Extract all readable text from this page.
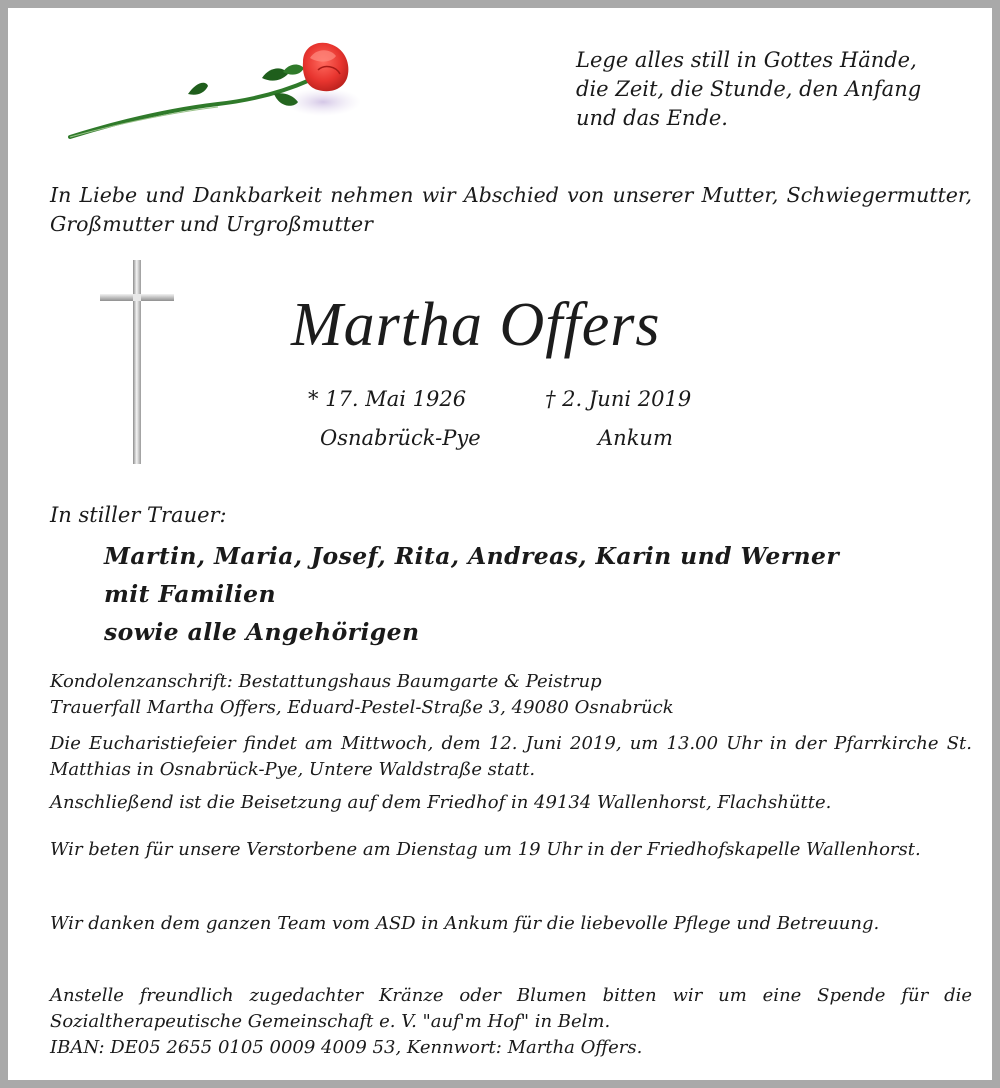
Lege alles still in Gottes Hände,
die Zeit, die Stunde, den Anfang
und das Ende.
In Liebe und Dankbarkeit nehmen wir Abschied von unserer Mutter, Schwiegermutter, Großmutter und Urgroßmutter
Martha Offers
* 17. Mai 1926	† 2. Juni 2019
Osnabrück-Pye	Ankum
In stiller Trauer:
Martin, Maria, Josef, Rita, Andreas, Karin und Werner
mit Familien
sowie alle Angehörigen
Kondolenzanschrift: Bestattungshaus Baumgarte & Peistrup
Trauerfall Martha Offers, Eduard-Pestel-Straße 3, 49080 Osnabrück
Die Eucharistiefeier findet am Mittwoch, dem 12. Juni 2019, um 13.00 Uhr in der Pfarrkirche St. Matthias in Osnabrück-Pye, Untere Waldstraße statt.
Anschließend ist die Beisetzung auf dem Friedhof in 49134 Wallenhorst, Flachshütte.
Wir beten für unsere Verstorbene am Dienstag um 19 Uhr in der Friedhofskapelle Wallenhorst.
Wir danken dem ganzen Team vom ASD in Ankum für die liebevolle Pflege und Betreuung.
Anstelle freundlich zugedachter Kränze oder Blumen bitten wir um eine Spende für die Sozialtherapeutische Gemeinschaft e. V. "auf'm Hof" in Belm.
IBAN: DE05 2655 0105 0009 4009 53, Kennwort: Martha Offers.
